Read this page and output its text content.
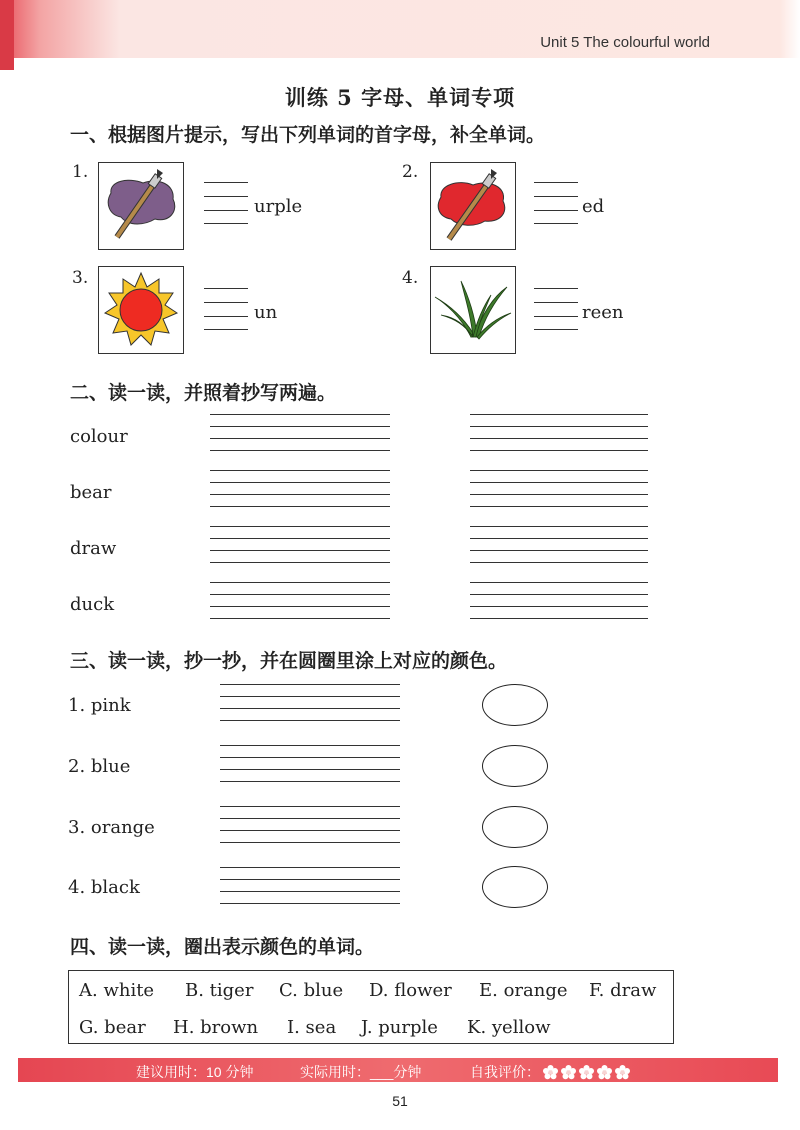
Unit 5 The colourful world
训练 5 字母、单词专项
一、根据图片提示，写出下列单词的首字母，补全单词。
1.
urple
2.
ed
3.
un
4.
reen
二、读一读，并照着抄写两遍。
colour
bear
draw
duck
三、读一读，抄一抄，并在圆圈里涂上对应的颜色。
1. pink
2. blue
3. orange
4. black
四、读一读，圈出表示颜色的单词。
A. white B. tiger C. blue D. flower E. orange F. draw
G. bear H. brown I. sea J. purple K. yellow
建议用时：10 分钟	实际用时：___分钟	自我评价：
51
